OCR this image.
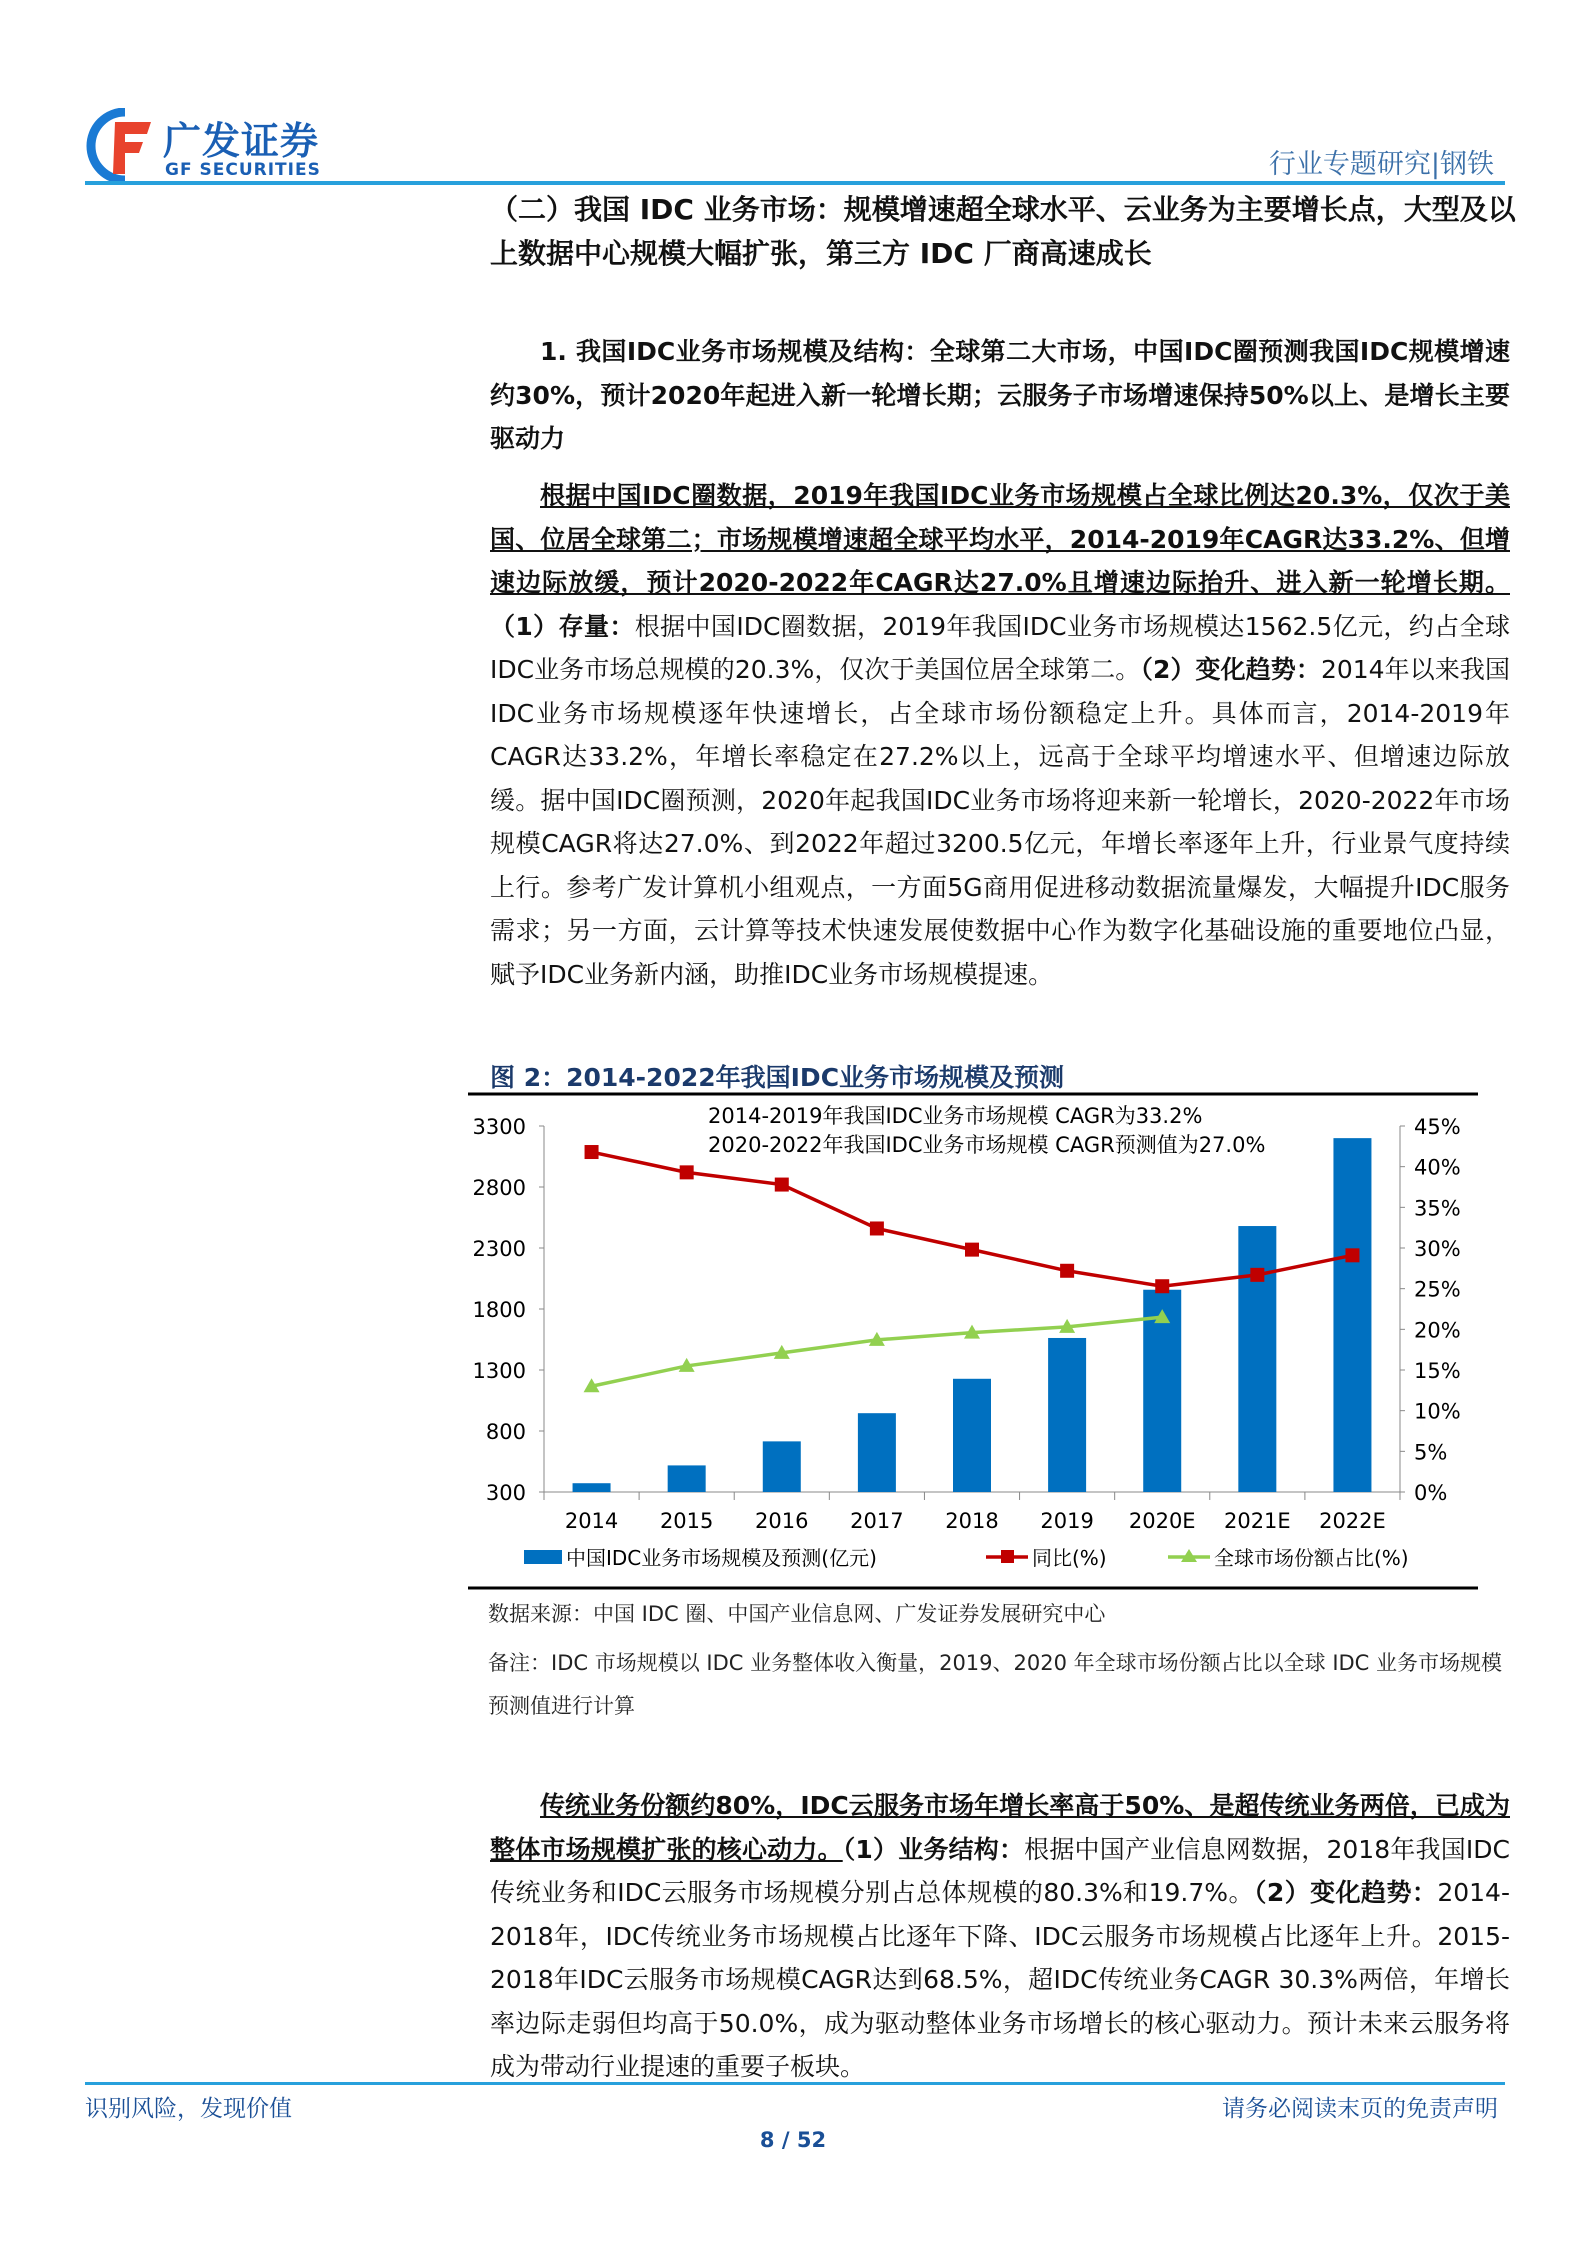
广发证券
GF SECURITIES	行业专题研究|钢铁
（二）我国 IDC 业务市场：规模增速超全球水平、云业务为主要增长点，大型及以上数据中心规模大幅扩张，第三方 IDC 厂商高速成长
1. 我国IDC业务市场规模及结构：全球第二大市场，中国IDC圈预测我国IDC规模增速约30%，预计2020年起进入新一轮增长期；云服务子市场增速保持50%以上、是增长主要驱动力
根据中国IDC圈数据，2019年我国IDC业务市场规模占全球比例达20.3%，仅次于美国、位居全球第二；市场规模增速超全球平均水平，2014-2019年CAGR达33.2%、但增速边际放缓，预计2020-2022年CAGR达27.0%且增速边际抬升、进入新一轮增长期。（1）存量：根据中国IDC圈数据，2019年我国IDC业务市场规模达1562.5亿元，约占全球IDC业务市场总规模的20.3%，仅次于美国位居全球第二。（2）变化趋势：2014年以来我国IDC业务市场规模逐年快速增长，占全球市场份额稳定上升。具体而言，2014-2019年CAGR达33.2%，年增长率稳定在27.2%以上，远高于全球平均增速水平、但增速边际放缓。据中国IDC圈预测，2020年起我国IDC业务市场将迎来新一轮增长，2020-2022年市场规模CAGR将达27.0%、到2022年超过3200.5亿元，年增长率逐年上升，行业景气度持续上行。参考广发计算机小组观点，一方面5G商用促进移动数据流量爆发，大幅提升IDC服务需求；另一方面，云计算等技术快速发展使数据中心作为数字化基础设施的重要地位凸显，赋予IDC业务新内涵，助推IDC业务市场规模提速。
图 2：2014-2022年我国IDC业务市场规模及预测
300
800
1300
1800
2300
2800
3300
0%
5%
10%
15%
20%
25%
30%
35%
40%
45%
2014 2015 2016 2017 2018 2019 2020E 2021E 2022E
2014-2019年我国IDC业务市场规模 CAGR为33.2%
2020-2022年我国IDC业务市场规模 CAGR预测值为27.0%
中国IDC业务市场规模及预测(亿元)	同比(%)	全球市场份额占比(%)
数据来源：中国 IDC 圈、中国产业信息网、广发证券发展研究中心
备注：IDC 市场规模以 IDC 业务整体收入衡量，2019、2020 年全球市场份额占比以全球 IDC 业务市场规模预测值进行计算
传统业务份额约80%，IDC云服务市场年增长率高于50%、是超传统业务两倍，已成为整体市场规模扩张的核心动力。（1）业务结构：根据中国产业信息网数据，2018年我国IDC传统业务和IDC云服务市场规模分别占总体规模的80.3%和19.7%。（2）变化趋势：2014-2018年，IDC传统业务市场规模占比逐年下降、IDC云服务市场规模占比逐年上升。2015-2018年IDC云服务市场规模CAGR达到68.5%，超IDC传统业务CAGR 30.3%两倍，年增长率边际走弱但均高于50.0%，成为驱动整体业务市场增长的核心驱动力。预计未来云服务将成为带动行业提速的重要子板块。
识别风险，发现价值	请务必阅读末页的免责声明
8 / 52
